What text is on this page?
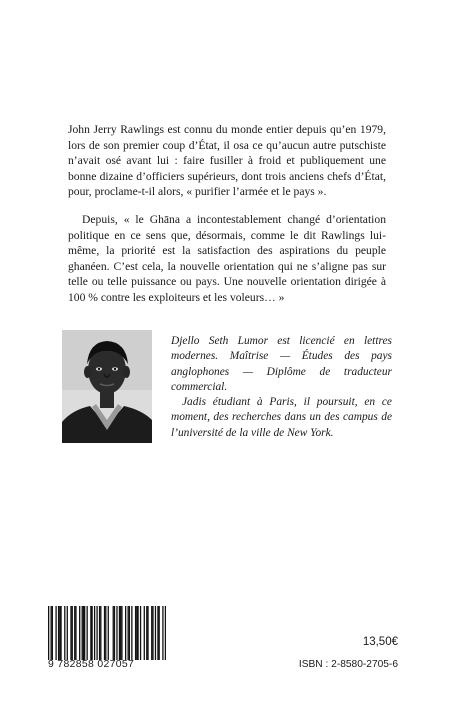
John Jerry Rawlings est connu du monde entier depuis qu’en 1979, lors de son premier coup d’État, il osa ce qu’aucun autre putschiste n’avait osé avant lui : faire fusiller à froid et publiquement une bonne dizaine d’officiers supérieurs, dont trois anciens chefs d’État, pour, proclame-t-il alors, « purifier l’armée et le pays ».

Depuis, « le Ghāna a incontestablement changé d’orientation politique en ce sens que, désormais, comme le dit Rawlings lui-même, la priorité est la satisfaction des aspirations du peuple ghanéen. C’est cela, la nouvelle orientation qui ne s’aligne pas sur telle ou telle puissance ou pays. Une nouvelle orientation dirigée à 100 % contre les exploiteurs et les voleurs… »

Djello Seth Lumor est licencié en lettres modernes. Maîtrise — Études des pays anglophones — Diplôme de traducteur commercial.

Jadis étudiant à Paris, il poursuit, en ce moment, des recherches dans un des campus de l’université de la ville de New York.

9 782858 027057
13,50€
ISBN : 2-8580-2705-6
